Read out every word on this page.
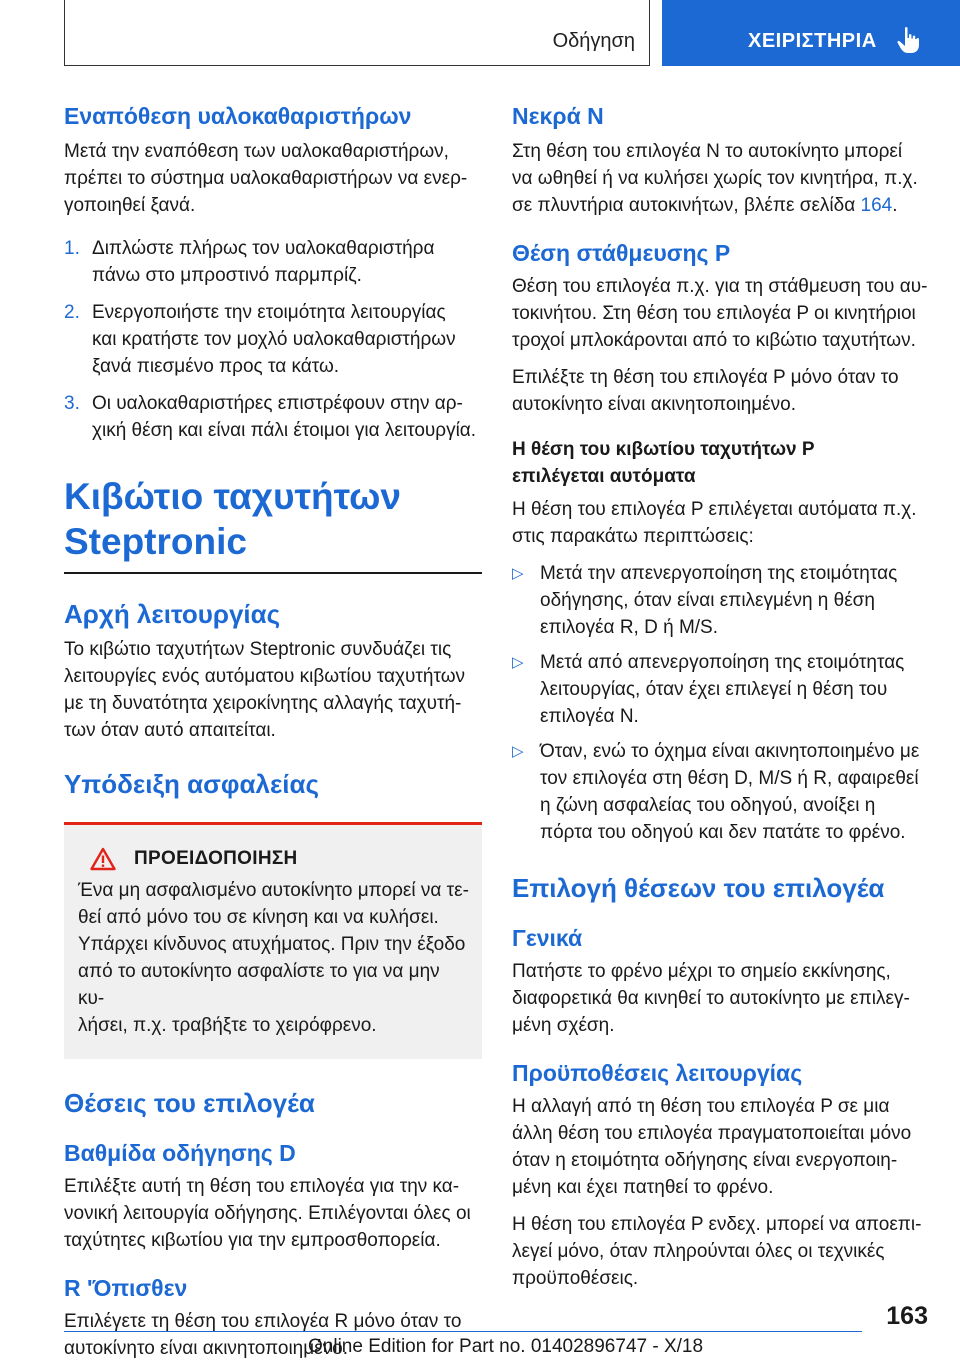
Οδήγηση	ΧΕΙΡΙΣΤΗΡΙΑ
Εναπόθεση υαλοκαθαριστήρων
Μετά την εναπόθεση των υαλοκαθαριστήρων,
πρέπει το σύστημα υαλοκαθαριστήρων να ενερ-
γοποιηθεί ξανά.
1. Διπλώστε πλήρως τον υαλοκαθαριστήρα
πάνω στο μπροστινό παρμπρίζ.
2. Ενεργοποιήστε την ετοιμότητα λειτουργίας
και κρατήστε τον μοχλό υαλοκαθαριστήρων
ξανά πιεσμένο προς τα κάτω.
3. Οι υαλοκαθαριστήρες επιστρέφουν στην αρ-
χική θέση και είναι πάλι έτοιμοι για λειτουργία.
Κιβώτιο ταχυτήτων
Steptronic
Αρχή λειτουργίας
Το κιβώτιο ταχυτήτων Steptronic συνδυάζει τις
λειτουργίες ενός αυτόματου κιβωτίου ταχυτήτων
με τη δυνατότητα χειροκίνητης αλλαγής ταχυτή-
των όταν αυτό απαιτείται.
Υπόδειξη ασφαλείας
ΠΡΟΕΙΔΟΠΟΙΗΣΗ
Ένα μη ασφαλισμένο αυτοκίνητο μπορεί να τε-
θεί από μόνο του σε κίνηση και να κυλήσει.
Υπάρχει κίνδυνος ατυχήματος. Πριν την έξοδο
από το αυτοκίνητο ασφαλίστε το για να μην κυ-
λήσει, π.χ. τραβήξτε το χειρόφρενο.
Θέσεις του επιλογέα
Βαθμίδα οδήγησης D
Επιλέξτε αυτή τη θέση του επιλογέα για την κα-
νονική λειτουργία οδήγησης. Επιλέγονται όλες οι
ταχύτητες κιβωτίου για την εμπροσθοπορεία.
R 'Όπισθεν
Επιλέγετε τη θέση του επιλογέα R μόνο όταν το
αυτοκίνητο είναι ακινητοποιημένο.
Νεκρά N
Στη θέση του επιλογέα N το αυτοκίνητο μπορεί
να ωθηθεί ή να κυλήσει χωρίς τον κινητήρα, π.χ.
σε πλυντήρια αυτοκινήτων, βλέπε σελίδα 164.
Θέση στάθμευσης P
Θέση του επιλογέα π.χ. για τη στάθμευση του αυ-
τοκινήτου. Στη θέση του επιλογέα P οι κινητήριοι
τροχοί μπλοκάρονται από το κιβώτιο ταχυτήτων.
Επιλέξτε τη θέση του επιλογέα P μόνο όταν το
αυτοκίνητο είναι ακινητοποιημένο.
Η θέση του κιβωτίου ταχυτήτων P
επιλέγεται αυτόματα
Η θέση του επιλογέα P επιλέγεται αυτόματα π.χ.
στις παρακάτω περιπτώσεις:
▷ Μετά την απενεργοποίηση της ετοιμότητας
οδήγησης, όταν είναι επιλεγμένη η θέση
επιλογέα R, D ή M/S.
▷ Μετά από απενεργοποίηση της ετοιμότητας
λειτουργίας, όταν έχει επιλεγεί η θέση του
επιλογέα N.
▷ Όταν, ενώ το όχημα είναι ακινητοποιημένο με
τον επιλογέα στη θέση D, M/S ή R, αφαιρεθεί
η ζώνη ασφαλείας του οδηγού, ανοίξει η
πόρτα του οδηγού και δεν πατάτε το φρένο.
Επιλογή θέσεων του επιλογέα
Γενικά
Πατήστε το φρένο μέχρι το σημείο εκκίνησης,
διαφορετικά θα κινηθεί το αυτοκίνητο με επιλεγ-
μένη σχέση.
Προϋποθέσεις λειτουργίας
Η αλλαγή από τη θέση του επιλογέα P σε μια
άλλη θέση του επιλογέα πραγματοποιείται μόνο
όταν η ετοιμότητα οδήγησης είναι ενεργοποιη-
μένη και έχει πατηθεί το φρένο.
Η θέση του επιλογέα P ενδεχ. μπορεί να αποεπι-
λεγεί μόνο, όταν πληρούνται όλες οι τεχνικές
προϋποθέσεις.
163
Online Edition for Part no. 01402896747 - X/18
